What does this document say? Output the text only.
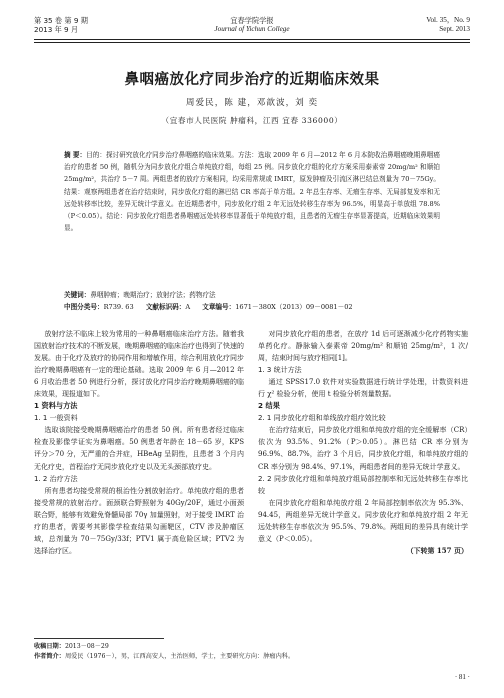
第 35 卷 第 9 期
2013 年 9 月
宜春学院学报
Journal of Yichun College
Vol. 35，No. 9
Sept. 2013
鼻咽癌放化疗同步治疗的近期临床效果
周爱民，陈 建，邓歆波，刘 奕
（宜春市人民医院 肿瘤科，江西 宜春 336000）
摘 要：目的：探讨研究放化疗同步治疗鼻咽癌的临床效果。方法：选取 2009 年 6 月—2012 年 6 月本院收治鼻咽癌晚期鼻咽癌治疗的患者 50 例，随机分为同步放化疗组合单纯放疗组，每组 25 例。同步放化疗组的化疗方案采用泰素帝 20mg/m² 和顺铂 25mg/m²，共治疗 5－7 周。两组患者的放疗方案相同，均采用常规或 IMRT，原发肿瘤及引流区淋巴结总剂量为 70－75Gy。结果：观察两组患者在治疗结束时，同步放化疗组的淋巴结 CR 率高于单方组。2 年总生存率、无瘤生存率、无局部复发率和无远处转移率比较，差异无统计学意义。在近期患者中，同步放化疗组 2 年无远处转移生存率为 96.5%，明显高于单放组 78.8%（P＜0.05）。结论：同步放化疗组患者鼻咽癌远处转移率显著低于单纯放疗组，且患者的无瘤生存率显著提高，近期临床效果明显。
关键词：鼻咽肿瘤；晚期治疗；放射疗法；药物疗法
中图分类号：R739. 63 文献标识码：A 文章编号：1671－380X（2013）09－0081－02

放射疗法不临床上较为常用的一种鼻咽癌临床治疗方法。随着我国放射治疗技术的不断发展，晚期鼻咽癌的临床治疗也得到了快速的发展。由于化疗及放疗的协同作用和增敏作用，综合利用放化疗同步治疗晚期鼻咽癌有一定的理论基础。选取 2009 年 6 月—2012 年 6 月收治患者 50 例进行分析，探讨放化疗同步治疗晚期鼻咽癌的临床效果，现报道如下。

1 资料与方法

1. 1 一般资料

选取该院接受晚期鼻咽癌治疗的患者 50 例。所有患者经过临床检查及影像学证实为鼻咽癌。50 例患者年龄在 18－65 岁，KPS 评分＞70 分，无严重的合并症，HBeAg 呈阴性，且患者 3 个月内无化疗史，首程治疗无同步放化疗史以及无头颈部放疗史。

1. 2 治疗方法

所有患者均接受常规的根治性分割放射治疗。单纯放疗组的患者接受常规的放射治疗。面颈联合野照射为 40Gy/20F，通过小面颈联合野，能够有效避免脊髓局部 70γ 加量照射，对于接受 IMRT 治疗的患者，需要考其影像学检查结果勾画靶区，CTV 涉及肿瘤区域，总剂量为 70－75Gy/33f；PTV1 属于高危险区域；PTV2 为选择治疗区。

对同步放化疗组的患者，在放疗 1d 后可逐渐减少化疗药物实施单药化疗。静脉输入泰素帝 20mg/m² 和顺铂 25mg/m²，1 次/周，结束时间与放疗相同[1]。

1. 3 统计方法

通过 SPSS17.0 软件对实验数据进行统计学处理，计数资料进行 χ² 检验分析，使用 t 检验分析剂量数据。

2 结果

2. 1 同步放化疗组和单线放疗组疗效比较

在治疗结束后，同步放化疗组和单纯放疗组的完全缓解率（CR）依次为 93.5%、91.2%（P＞0.05）。淋巴结 CR 率分别为 96.9%、88.7%，治疗 3 个月后，同步放化疗组，和单纯放疗组的 CR 率分别为 98.4%、97.1%，两组患者间的差异无统计学意义。

2. 2 同步放化疗组和单纯放疗组局部控制率和无远处转移生存率比较

在同步放化疗组和单纯放疗组 2 年局部控制率依次为 95.3%、94.45，两组差异无统计学意义。同步放化疗和单纯放疗组 2 年无远处转移生存率依次为 95.5%、79.8%。两组间的差异具有统计学意义（P＜0.05）。

（下转第 157 页）

收稿日期：2013－08－29
作者简介：周爱民（1976－），男，江西高安人，主治医师，学士，主要研究方向：肿瘤内科。
· 81 ·
